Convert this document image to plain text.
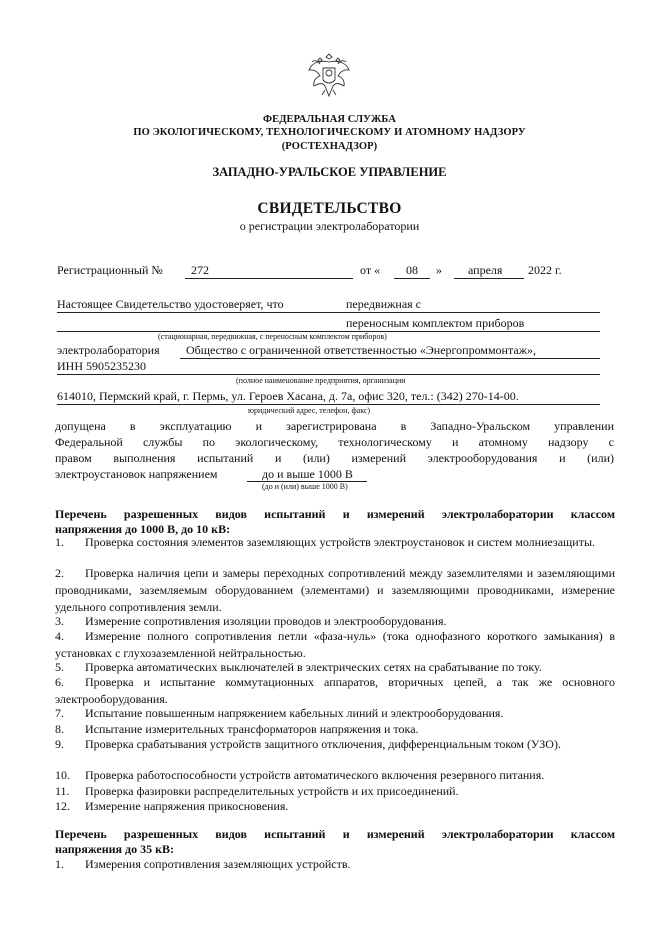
ФЕДЕРАЛЬНАЯ СЛУЖБА
ПО ЭКОЛОГИЧЕСКОМУ, ТЕХНОЛОГИЧЕСКОМУ И АТОМНОМУ НАДЗОРУ
(РОСТЕХНАДЗОР)
ЗАПАДНО-УРАЛЬСКОЕ УПРАВЛЕНИЕ
СВИДЕТЕЛЬСТВО
о регистрации электролаборатории
Регистрационный № 272	от « 08 » апреля 2022 г.
Настоящее Свидетельство удостоверяет, что	передвижная с
переносным комплектом приборов
(стационарная, передвижная, с переносным комплектом приборов)
электролаборатория Общество с ограниченной ответственностью «Энергопроммонтаж»,
ИНН 5905235230
(полное наименование предприятия, организации
614010, Пермский край, г. Пермь, ул. Героев Хасана, д. 7а, офис 320, тел.: (342) 270-14-00.
юридический адрес, телефон, факс)
допущена в эксплуатацию и зарегистрирована в Западно-Уральском управлении
Федеральной службы по экологическому, технологическому и атомному надзору с
правом выполнения испытаний и (или) измерений электрооборудования и (или)
электроустановок напряжением	до и выше 1000 В
(до и (или) выше 1000 В)
Перечень разрешенных видов испытаний и измерений электролаборатории классом
напряжения до 1000 В, до 10 кВ:
1.	Проверка состояния элементов заземляющих устройств электроустановок и систем молниезащиты.
2.	Проверка наличия цепи и замеры переходных сопротивлений между заземлителями и заземляющими проводниками, заземляемым оборудованием (элементами) и заземляющими проводниками, измерение удельного сопротивления земли.
3.	Измерение сопротивления изоляции проводов и электрооборудования.
4.	Измерение полного сопротивления петли «фаза-нуль» (тока однофазного короткого замыкания) в установках с глухозаземленной нейтральностью.
5.	Проверка автоматических выключателей в электрических сетях на срабатывание по току.
6.	Проверка и испытание коммутационных аппаратов, вторичных цепей, а так же основного электрооборудования.
7.	Испытание повышенным напряжением кабельных линий и электрооборудования.
8.	Испытание измерительных трансформаторов напряжения и тока.
9.	Проверка срабатывания устройств защитного отключения, дифференциальным током (УЗО).
10.	Проверка работоспособности устройств автоматического включения резервного питания.
11.	Проверка фазировки распределительных устройств и их присоединений.
12.	Измерение напряжения прикосновения.
Перечень разрешенных видов испытаний и измерений электролаборатории классом
напряжения до 35 кВ:
1.	Измерения сопротивления заземляющих устройств.
